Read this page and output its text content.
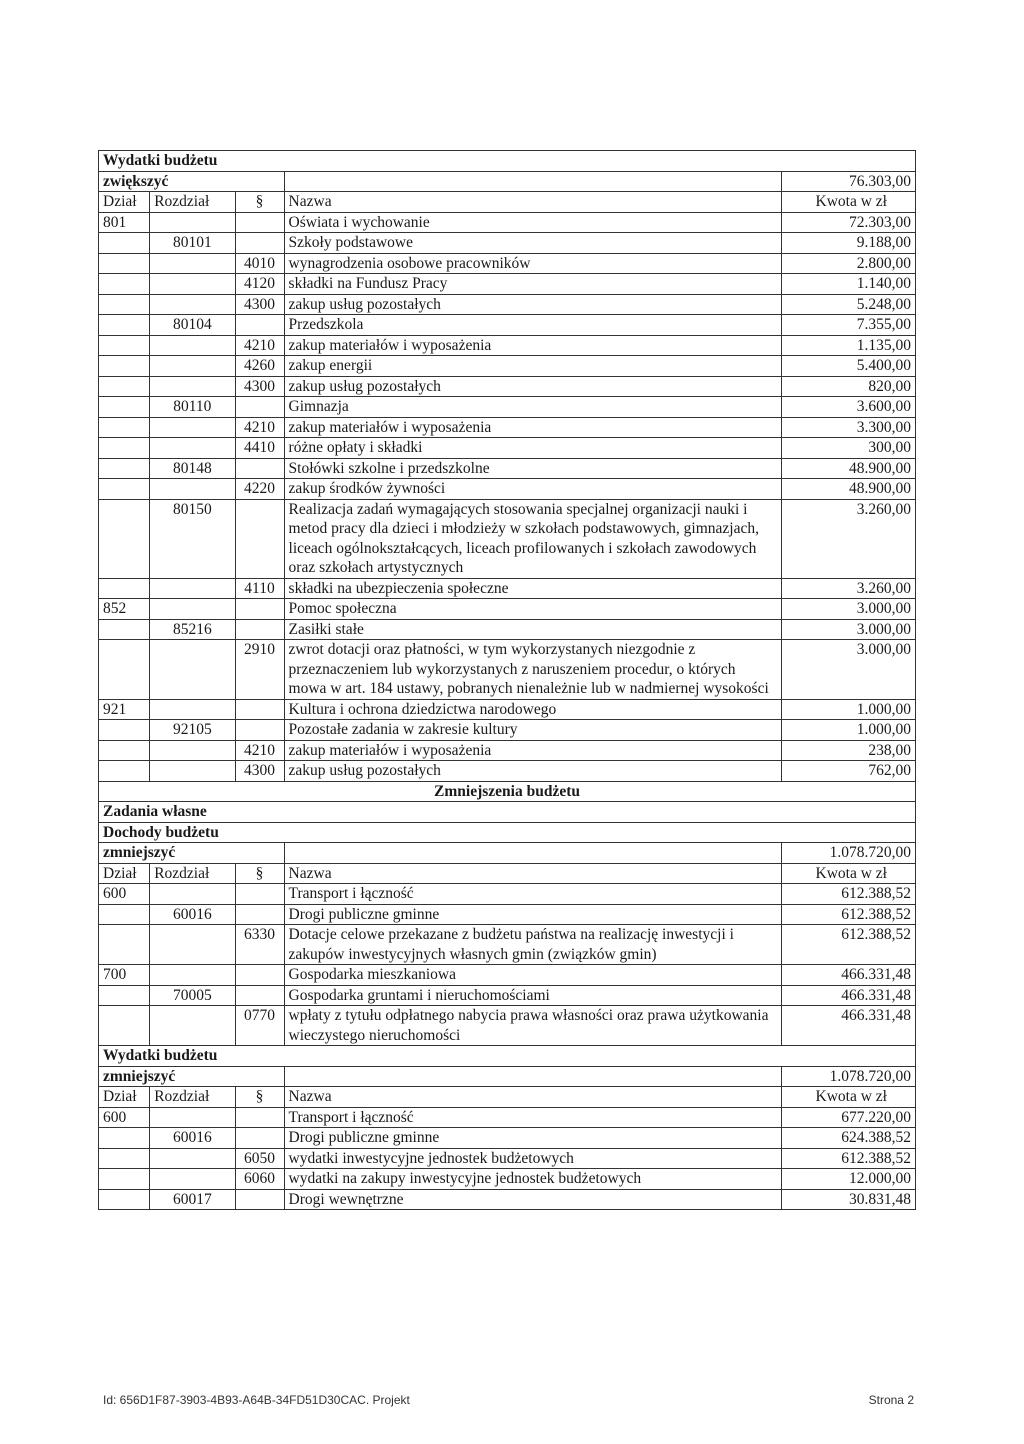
Wydatki budżetu				
zwiększyć				76.303,00
Dział	Rozdział	§	Nazwa	Kwota w zł
801			Oświata i wychowanie	72.303,00
	80101		Szkoły podstawowe	9.188,00
		4010	wynagrodzenia osobowe pracowników	2.800,00
		4120	składki na Fundusz Pracy	1.140,00
		4300	zakup usług pozostałych	5.248,00
	80104		Przedszkola	7.355,00
		4210	zakup materiałów i wyposażenia	1.135,00
		4260	zakup energii	5.400,00
		4300	zakup usług pozostałych	820,00
	80110		Gimnazja	3.600,00
		4210	zakup materiałów i wyposażenia	3.300,00
		4410	różne opłaty i składki	300,00
	80148		Stołówki szkolne i przedszkolne	48.900,00
		4220	zakup środków żywności	48.900,00
	80150		Realizacja zadań wymagających stosowania specjalnej organizacji nauki i metod pracy dla dzieci i młodzieży w szkołach podstawowych, gimnazjach, liceach ogólnokształcących, liceach profilowanych i szkołach zawodowych oraz szkołach artystycznych	3.260,00
		4110	składki na ubezpieczenia społeczne	3.260,00
852			Pomoc społeczna	3.000,00
	85216		Zasiłki stałe	3.000,00
		2910	zwrot dotacji oraz płatności, w tym wykorzystanych niezgodnie z przeznaczeniem lub wykorzystanych z naruszeniem procedur, o których mowa w art. 184 ustawy, pobranych nienależnie lub w nadmiernej wysokości	3.000,00
921			Kultura i ochrona dziedzictwa narodowego	1.000,00
	92105		Pozostałe zadania w zakresie kultury	1.000,00
		4210	zakup materiałów i wyposażenia	238,00
		4300	zakup usług pozostałych	762,00
Zmniejszenia budżetu				
Zadania własne				
Dochody budżetu				
zmniejszyć				1.078.720,00
Dział	Rozdział	§	Nazwa	Kwota w zł
600			Transport i łączność	612.388,52
	60016		Drogi publiczne gminne	612.388,52
		6330	Dotacje celowe przekazane z budżetu państwa na realizację inwestycji i zakupów inwestycyjnych własnych gmin (związków gmin)	612.388,52
700			Gospodarka mieszkaniowa	466.331,48
	70005		Gospodarka gruntami i nieruchomościami	466.331,48
		0770	wpłaty z tytułu odpłatnego nabycia prawa własności oraz prawa użytkowania wieczystego nieruchomości	466.331,48
Wydatki budżetu				
zmniejszyć				1.078.720,00
Dział	Rozdział	§	Nazwa	Kwota w zł
600			Transport i łączność	677.220,00
	60016		Drogi publiczne gminne	624.388,52
		6050	wydatki inwestycyjne jednostek budżetowych	612.388,52
		6060	wydatki na zakupy inwestycyjne jednostek budżetowych	12.000,00
	60017		Drogi wewnętrzne	30.831,48
Id: 656D1F87-3903-4B93-A64B-34FD51D30CAC. Projekt	Strona 2
